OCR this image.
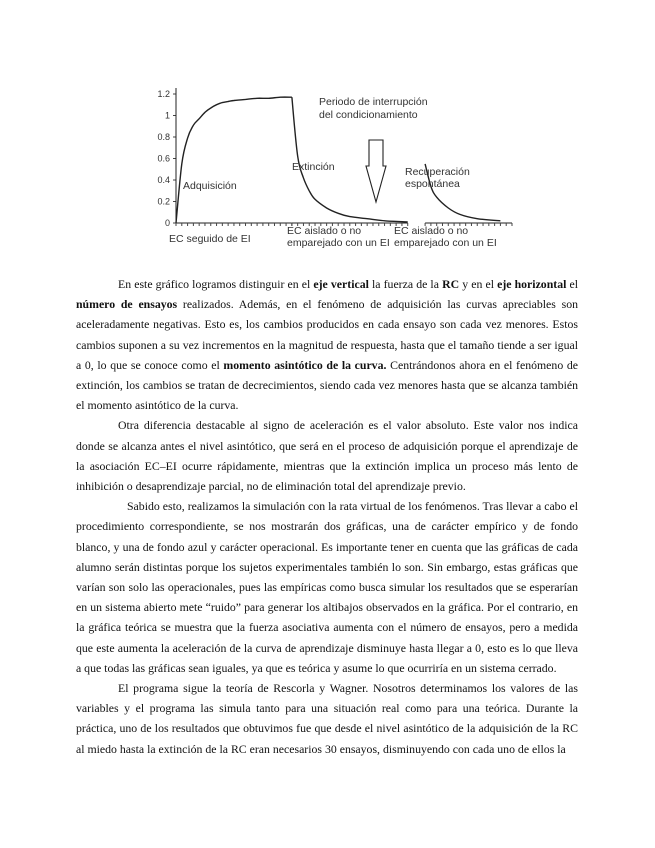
1.2
1
0.8
0.6
0.4
0.2
0
Adquisición
Extinción
Periodo de interrupción
del condicionamiento
Recuperación
espontánea
EC seguido de EI
EC aislado o no
emparejado con un EI
EC aislado o no
emparejado con un EI

En este gráfico logramos distinguir en el eje vertical la fuerza de la RC y en el eje horizontal el número de ensayos realizados. Además, en el fenómeno de adquisición las curvas apreciables son aceleradamente negativas. Esto es, los cambios producidos en cada ensayo son cada vez menores. Estos cambios suponen a su vez incrementos en la magnitud de respuesta, hasta que el tamaño tiende a ser igual a 0, lo que se conoce como el momento asintótico de la curva. Centrándonos ahora en el fenómeno de extinción, los cambios se tratan de decrecimientos, siendo cada vez menores hasta que se alcanza también el momento asintótico de la curva.

Otra diferencia destacable al signo de aceleración es el valor absoluto. Este valor nos indica donde se alcanza antes el nivel asintótico, que será en el proceso de adquisición porque el aprendizaje de la asociación EC–EI ocurre rápidamente, mientras que la extinción implica un proceso más lento de inhibición o desaprendizaje parcial, no de eliminación total del aprendizaje previo.

Sabido esto, realizamos la simulación con la rata virtual de los fenómenos. Tras llevar a cabo el procedimiento correspondiente, se nos mostrarán dos gráficas, una de carácter empírico y de fondo blanco, y una de fondo azul y carácter operacional. Es importante tener en cuenta que las gráficas de cada alumno serán distintas porque los sujetos experimentales también lo son. Sin embargo, estas gráficas que varían son solo las operacionales, pues las empíricas como busca simular los resultados que se esperarían en un sistema abierto mete “ruido” para generar los altibajos observados en la gráfica. Por el contrario, en la gráfica teórica se muestra que la fuerza asociativa aumenta con el número de ensayos, pero a medida que este aumenta la aceleración de la curva de aprendizaje disminuye hasta llegar a 0, esto es lo que lleva a que todas las gráficas sean iguales, ya que es teórica y asume lo que ocurriría en un sistema cerrado.

El programa sigue la teoría de Rescorla y Wagner. Nosotros determinamos los valores de las variables y el programa las simula tanto para una situación real como para una teórica. Durante la práctica, uno de los resultados que obtuvimos fue que desde el nivel asintótico de la adquisición de la RC al miedo hasta la extinción de la RC eran necesarios 30 ensayos, disminuyendo con cada uno de ellos la
